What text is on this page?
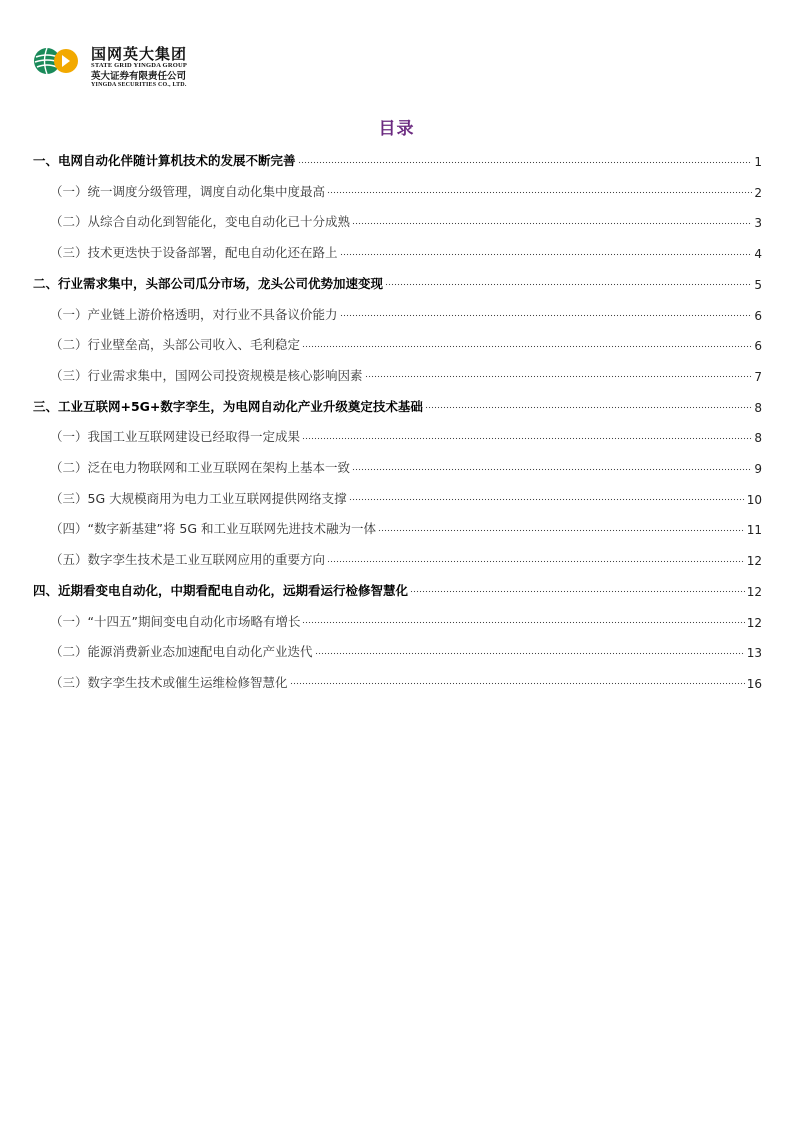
国网英大集团
STATE GRID YINGDA GROUP
英大证券有限责任公司
YINGDA SECURITIES CO., LTD.
目录
一、电网自动化伴随计算机技术的发展不断完善	1
（一）统一调度分级管理，调度自动化集中度最高	2
（二）从综合自动化到智能化，变电自动化已十分成熟	3
（三）技术更迭快于设备部署，配电自动化还在路上	4
二、行业需求集中，头部公司瓜分市场，龙头公司优势加速变现	5
（一）产业链上游价格透明，对行业不具备议价能力	6
（二）行业壁垒高，头部公司收入、毛利稳定	6
（三）行业需求集中，国网公司投资规模是核心影响因素	7
三、工业互联网+5G+数字孪生，为电网自动化产业升级奠定技术基础	8
（一）我国工业互联网建设已经取得一定成果	8
（二）泛在电力物联网和工业互联网在架构上基本一致	9
（三）5G 大规模商用为电力工业互联网提供网络支撑	10
（四）“数字新基建”将 5G 和工业互联网先进技术融为一体	11
（五）数字孪生技术是工业互联网应用的重要方向	12
四、近期看变电自动化，中期看配电自动化，远期看运行检修智慧化	12
（一）“十四五”期间变电自动化市场略有增长	12
（二）能源消费新业态加速配电自动化产业迭代	13
（三）数字孪生技术或催生运维检修智慧化	16
